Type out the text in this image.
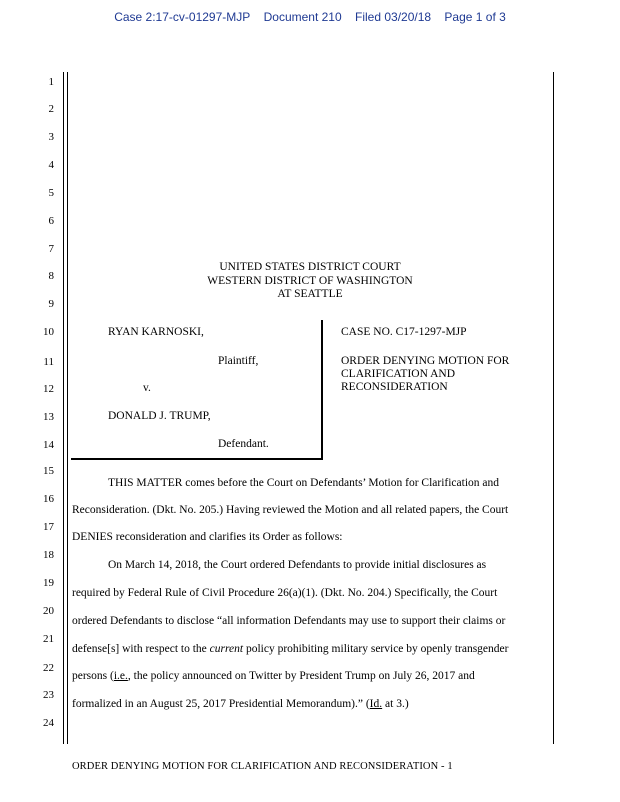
Case 2:17-cv-01297-MJP Document 210 Filed 03/20/18 Page 1 of 3
1
2
3
4
5
6
7
8
9
10
11
12
13
14
15
16
17
18
19
20
21
22
23
24
UNITED STATES DISTRICT COURT
WESTERN DISTRICT OF WASHINGTON
AT SEATTLE
RYAN KARNOSKI,
Plaintiff,
v.
DONALD J. TRUMP,
Defendant.
CASE NO. C17-1297-MJP
ORDER DENYING MOTION FOR
CLARIFICATION AND
RECONSIDERATION
THIS MATTER comes before the Court on Defendants’ Motion for Clarification and
Reconsideration. (Dkt. No. 205.) Having reviewed the Motion and all related papers, the Court
DENIES reconsideration and clarifies its Order as follows:
On March 14, 2018, the Court ordered Defendants to provide initial disclosures as
required by Federal Rule of Civil Procedure 26(a)(1). (Dkt. No. 204.) Specifically, the Court
ordered Defendants to disclose “all information Defendants may use to support their claims or
defense[s] with respect to the current policy prohibiting military service by openly transgender
persons (i.e., the policy announced on Twitter by President Trump on July 26, 2017 and
formalized in an August 25, 2017 Presidential Memorandum).” (Id. at 3.)
ORDER DENYING MOTION FOR CLARIFICATION AND RECONSIDERATION - 1
